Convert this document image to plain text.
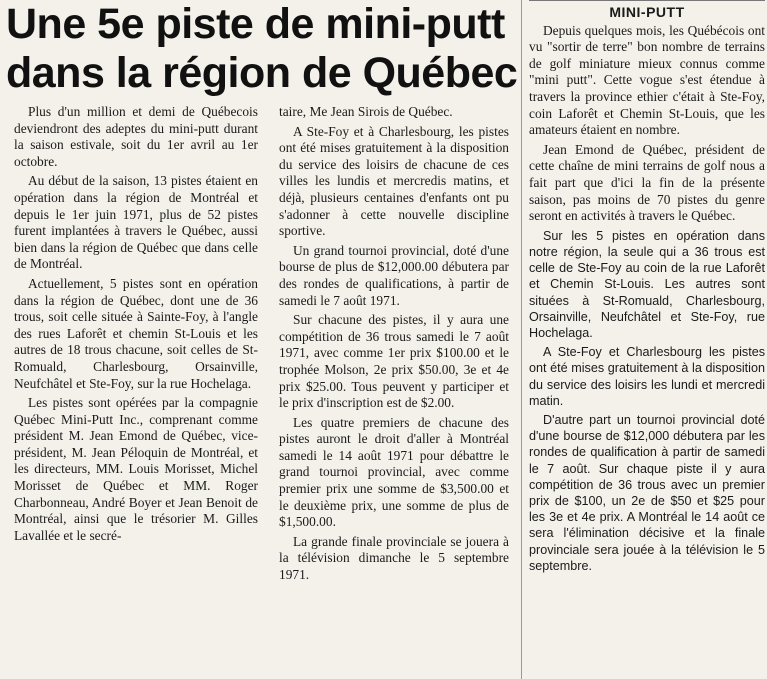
Une 5e piste de mini-putt
dans la région de Québec

Plus d'un million et demi de Québecois deviendront des adeptes du mini-putt durant la saison estivale, soit du 1er avril au 1er octobre.

Au début de la saison, 13 pistes étaient en opération dans la région de Montréal et depuis le 1er juin 1971, plus de 52 pistes furent implantées à travers le Québec, aussi bien dans la région de Québec que dans celle de Montréal.

Actuellement, 5 pistes sont en opération dans la région de Québec, dont une de 36 trous, soit celle située à Sainte-Foy, à l'angle des rues Laforêt et chemin St-Louis et les autres de 18 trous chacune, soit celles de St-Romuald, Charlesbourg, Orsainville, Neufchâtel et Ste-Foy, sur la rue Hochelaga.

Les pistes sont opérées par la compagnie Québec Mini-Putt Inc., comprenant comme président M. Jean Emond de Québec, vice-président, M. Jean Péloquin de Montréal, et les directeurs, MM. Louis Morisset, Michel Morisset de Québec et MM. Roger Charbonneau, André Boyer et Jean Benoit de Montréal, ainsi que le trésorier M. Gilles Lavallée et le secré-

taire, Me Jean Sirois de Québec.

A Ste-Foy et à Charlesbourg, les pistes ont été mises gratuitement à la disposition du service des loisirs de chacune de ces villes les lundis et mercredis matins, et déjà, plusieurs centaines d'enfants ont pu s'adonner à cette nouvelle discipline sportive.

Un grand tournoi provincial, doté d'une bourse de plus de $12,000.00 débutera par des rondes de qualifications, à partir de samedi le 7 août 1971.

Sur chacune des pistes, il y aura une compétition de 36 trous samedi le 7 août 1971, avec comme 1er prix $100.00 et le trophée Molson, 2e prix $50.00, 3e et 4e prix $25.00. Tous peuvent y participer et le prix d'inscription est de $2.00.

Les quatre premiers de chacune des pistes auront le droit d'aller à Montréal samedi le 14 août 1971 pour débattre le grand tournoi provincial, avec comme premier prix une somme de $3,500.00 et le deuxième prix, une somme de plus de $1,500.00.

La grande finale provinciale se jouera à la télévision dimanche le 5 septembre 1971.

MINI-PUTT

Depuis quelques mois, les Québécois ont vu "sortir de terre" bon nombre de terrains de golf miniature mieux connus comme "mini putt". Cette vogue s'est étendue à travers la province ethier c'était à Ste-Foy, coin Laforêt et Chemin St-Louis, que les amateurs étaient en nombre.

Jean Emond de Québec, président de cette chaîne de mini terrains de golf nous a fait part que d'ici la fin de la présente saison, pas moins de 70 pistes du genre seront en activités à travers le Québec.

Sur les 5 pistes en opération dans notre région, la seule qui a 36 trous est celle de Ste-Foy au coin de la rue Laforêt et Chemin St-Louis. Les autres sont situées à St-Romuald, Charlesbourg, Orsainville, Neufchâtel et Ste-Foy, rue Hochelaga.

A Ste-Foy et Charlesbourg les pistes ont été mises gratuitement à la disposition du service des loisirs les lundi et mercredi matin.

D'autre part un tournoi provincial doté d'une bourse de $12,000 débutera par les rondes de qualification à partir de samedi le 7 août. Sur chaque piste il y aura compétition de 36 trous avec un premier prix de $100, un 2e de $50 et $25 pour les 3e et 4e prix. A Montréal le 14 août ce sera l'élimination décisive et la finale provinciale sera jouée à la télévision le 5 septembre.
